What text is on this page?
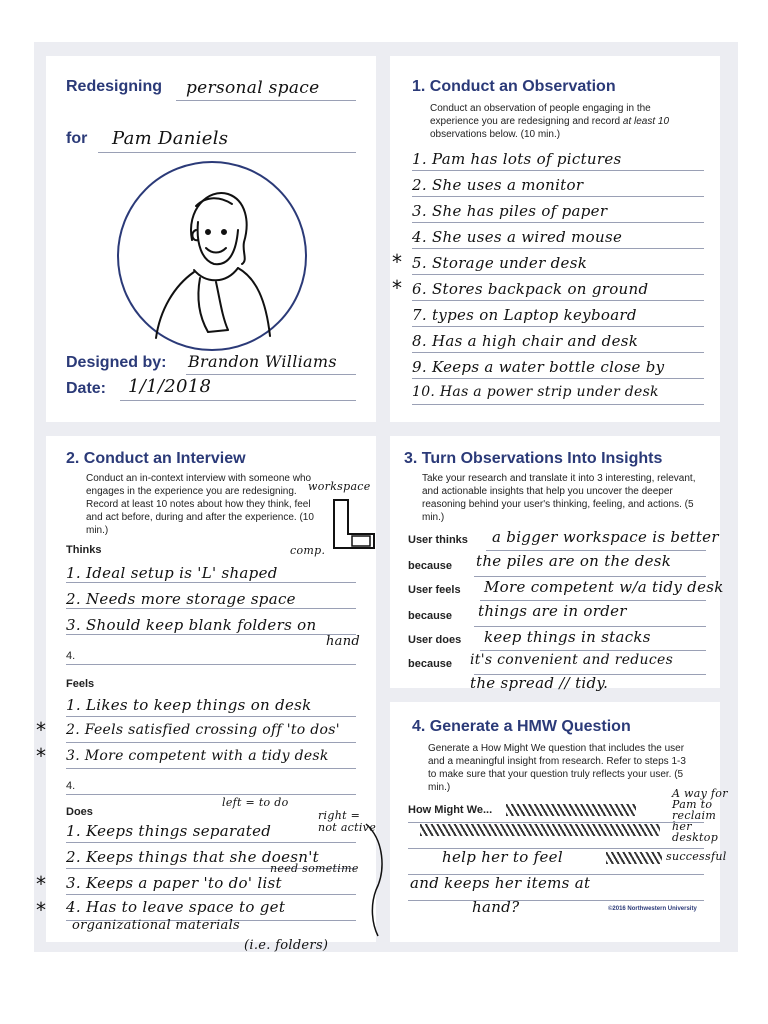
Redesigning personal space
for Pam Daniels
Designed by: Brandon Williams
Date: 1/1/2018
1. Conduct an Observation
Conduct an observation of people engaging in the experience you are redesigning and record at least 10 observations below. (10 min.)
1. Pam has lots of pictures
2. She uses a monitor
3. She has piles of paper
4. She uses a wired mouse
5. Storage under desk
6. Stores backpack on ground
7. types on Laptop keyboard
8. Has a high chair and desk
9. Keeps a water bottle close by
10. Has a power strip under desk
*
*
2. Conduct an Interview
Conduct an in-context interview with someone who engages in the experience you are redesigning. Record at least 10 notes about how they think, feel and act before, during and after the experience. (10 min.)
workspace
comp.
Thinks
1. Ideal setup is 'L' shaped
2. Needs more storage space
3. Should keep blank folders on
hand
4.
Feels
1. Likes to keep things on desk
2. Feels satisfied crossing off 'to dos'
3. More competent with a tidy desk
4.
Does
left = to do
right = not active
1. Keeps things separated
2. Keeps things that she doesn't
need sometime
3. Keeps a paper 'to do' list
4. Has to leave space to get
organizational materials
(i.e. folders)
*
*
*
*
3. Turn Observations Into Insights
Take your research and translate it into 3 interesting, relevant, and actionable insights that help you uncover the deeper reasoning behind your user's thinking, feeling, and actions. (5 min.)
User thinks a bigger workspace is better
because the piles are on the desk
User feels More competent w/a tidy desk
because things are in order
User does keep things in stacks
because it's convenient and reduces
the spread // tidy.
4. Generate a HMW Question
Generate a How Might We question that includes the user and a meaningful insight from research. Refer to steps 1-3 to make sure that your question truly reflects your user. (5 min.)
How Might We...
A way for Pam to reclaim her desktop
help her to feel	successful
and keeps her items at
hand?	©2016 Northwestern University
